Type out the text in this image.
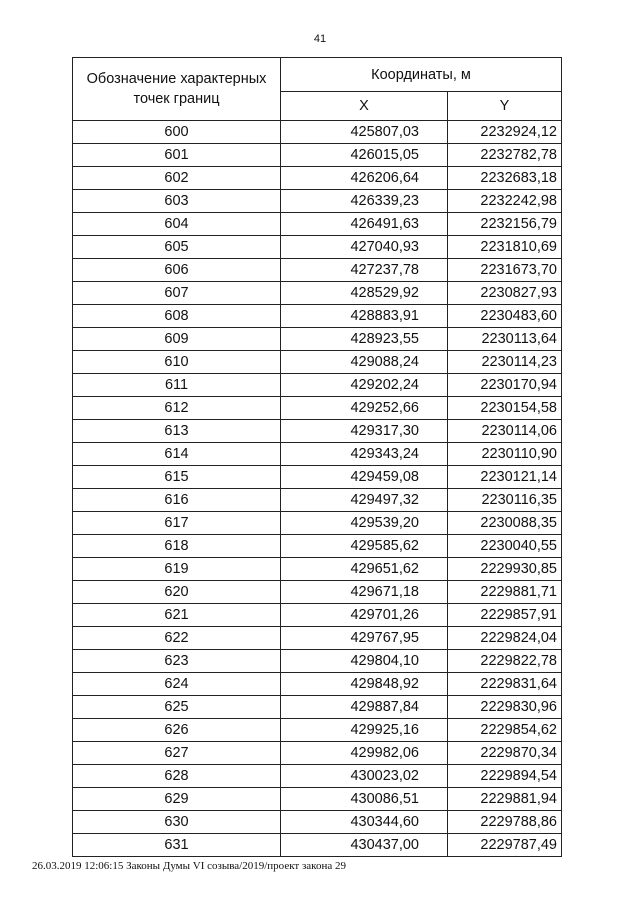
41
Обозначение характерных точек границ	Координаты, м	
	X	Y
600	425807,03	2232924,12
601	426015,05	2232782,78
602	426206,64	2232683,18
603	426339,23	2232242,98
604	426491,63	2232156,79
605	427040,93	2231810,69
606	427237,78	2231673,70
607	428529,92	2230827,93
608	428883,91	2230483,60
609	428923,55	2230113,64
610	429088,24	2230114,23
611	429202,24	2230170,94
612	429252,66	2230154,58
613	429317,30	2230114,06
614	429343,24	2230110,90
615	429459,08	2230121,14
616	429497,32	2230116,35
617	429539,20	2230088,35
618	429585,62	2230040,55
619	429651,62	2229930,85
620	429671,18	2229881,71
621	429701,26	2229857,91
622	429767,95	2229824,04
623	429804,10	2229822,78
624	429848,92	2229831,64
625	429887,84	2229830,96
626	429925,16	2229854,62
627	429982,06	2229870,34
628	430023,02	2229894,54
629	430086,51	2229881,94
630	430344,60	2229788,86
631	430437,00	2229787,49
26.03.2019 12:06:15 Законы Думы VI созыва/2019/проект закона 29
